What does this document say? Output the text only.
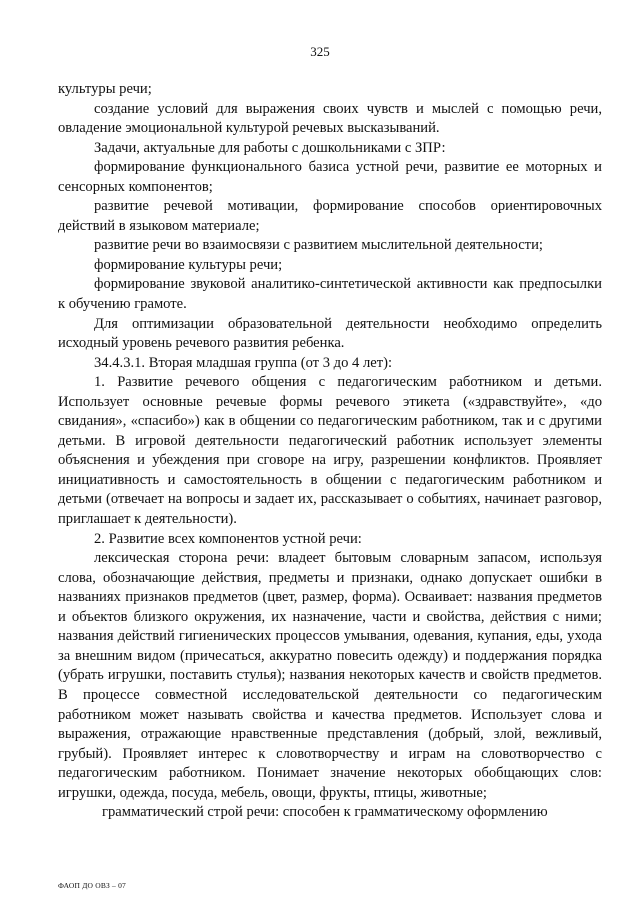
325

культуры речи;

создание условий для выражения своих чувств и мыслей с помощью речи, овладение эмоциональной культурой речевых высказываний.

Задачи, актуальные для работы с дошкольниками с ЗПР:

формирование функционального базиса устной речи, развитие ее моторных и сенсорных компонентов;

развитие речевой мотивации, формирование способов ориентировочных действий в языковом материале;

развитие речи во взаимосвязи с развитием мыслительной деятельности;

формирование культуры речи;

формирование звуковой аналитико-синтетической активности как предпосылки к обучению грамоте.

Для оптимизации образовательной деятельности необходимо определить исходный уровень речевого развития ребенка.

34.4.3.1. Вторая младшая группа (от 3 до 4 лет):

1. Развитие речевого общения с педагогическим работником и детьми. Использует основные речевые формы речевого этикета («здравствуйте», «до свидания», «спасибо») как в общении со педагогическим работником, так и с другими детьми. В игровой деятельности педагогический работник использует элементы объяснения и убеждения при сговоре на игру, разрешении конфликтов. Проявляет инициативность и самостоятельность в общении с педагогическим работником и детьми (отвечает на вопросы и задает их, рассказывает о событиях, начинает разговор, приглашает к деятельности).

2. Развитие всех компонентов устной речи:

лексическая сторона речи: владеет бытовым словарным запасом, используя слова, обозначающие действия, предметы и признаки, однако допускает ошибки в названиях признаков предметов (цвет, размер, форма). Осваивает: названия предметов и объектов близкого окружения, их назначение, части и свойства, действия с ними; названия действий гигиенических процессов умывания, одевания, купания, еды, ухода за внешним видом (причесаться, аккуратно повесить одежду) и поддержания порядка (убрать игрушки, поставить стулья); названия некоторых качеств и свойств предметов. В процессе совместной исследовательской деятельности со педагогическим работником может называть свойства и качества предметов. Использует слова и выражения, отражающие нравственные представления (добрый, злой, вежливый, грубый). Проявляет интерес к словотворчеству и играм на словотворчество с педагогическим работником. Понимает значение некоторых обобщающих слов: игрушки, одежда, посуда, мебель, овощи, фрукты, птицы, животные;

грамматический строй речи: способен к грамматическому оформлению

ФАОП ДО ОВЗ – 07
